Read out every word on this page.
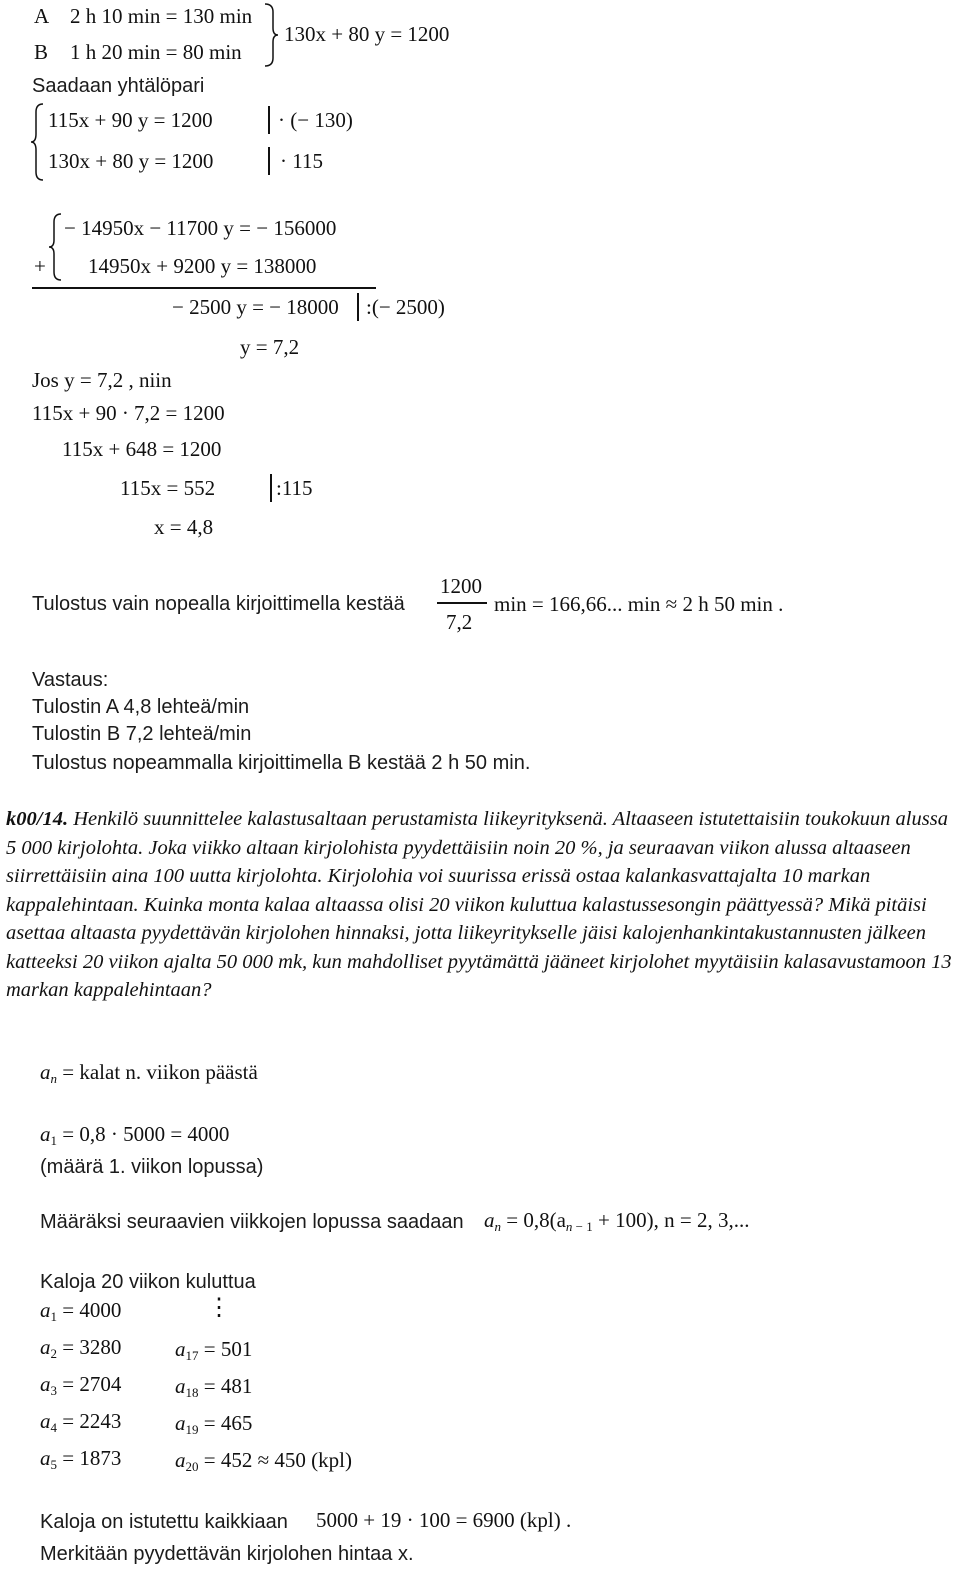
A 2 h 10 min = 130 min
B 1 h 20 min = 80 min
130x + 80 y = 1200
Saadaan yhtälöpari
115x + 90 y = 1200	· (− 130)
130x + 80 y = 1200	· 115
− 14950x − 11700 y = − 156000
+ 14950x + 9200 y = 138000
− 2500 y = − 18000 :(− 2500)
y = 7,2
Jos y = 7,2 , niin
115x + 90 · 7,2 = 1200
115x + 648 = 1200
115x = 552	:115
x = 4,8
Tulostus vain nopealla kirjoittimella kestää
1200
7,2
min = 166,66... min ≈ 2 h 50 min .
Vastaus:
Tulostin A 4,8 lehteä/min
Tulostin B 7,2 lehteä/min
Tulostus nopeammalla kirjoittimella B kestää 2 h 50 min.
k00/14. Henkilö suunnittelee kalastusaltaan perustamista liikeyrityksenä. Altaaseen istutettaisiin toukokuun alussa 5 000 kirjolohta. Joka viikko altaan kirjolohista pyydettäisiin noin 20 %, ja seuraavan viikon alussa altaaseen siirrettäisiin aina 100 uutta kirjolohta. Kirjolohia voi suurissa erissä ostaa kalankasvattajalta 10 markan kappalehintaan. Kuinka monta kalaa altaassa olisi 20 viikon kuluttua kalastussesongin päättyessä? Mikä pitäisi asettaa altaasta pyydettävän kirjolohen hinnaksi, jotta liikeyritykselle jäisi kalojenhankintakustannusten jälkeen katteeksi 20 viikon ajalta 50 000 mk, kun mahdolliset pyytämättä jääneet kirjolohet myytäisiin kalasavustamoon 13 markan kappalehintaan?
$a_n$ = kalat n. viikon päästä
$a_1 = 0,8 \cdot 5000 = 4000$
(määrä 1. viikon lopussa)
Määräksi seuraavien viikkojen lopussa saadaan $a_n = 0,8(a_{n - 1} + 100)$, n = 2, 3,...
Kaloja 20 viikon kuluttua
$a_1 = 4000$
$a_2 = 3280$
$a_3 = 2704$
$a_4 = 2243$
$a_5 = 1873$
⋮
$a_{17} = 501$
$a_{18} = 481$
$a_{19} = 465$
$a_{20} = 452 \approx 450$ (kpl)
Kaloja on istutettu kaikkiaan 5000 + 19 · 100 = 6900 (kpl) .
Merkitään pyydettävän kirjolohen hintaa x.
